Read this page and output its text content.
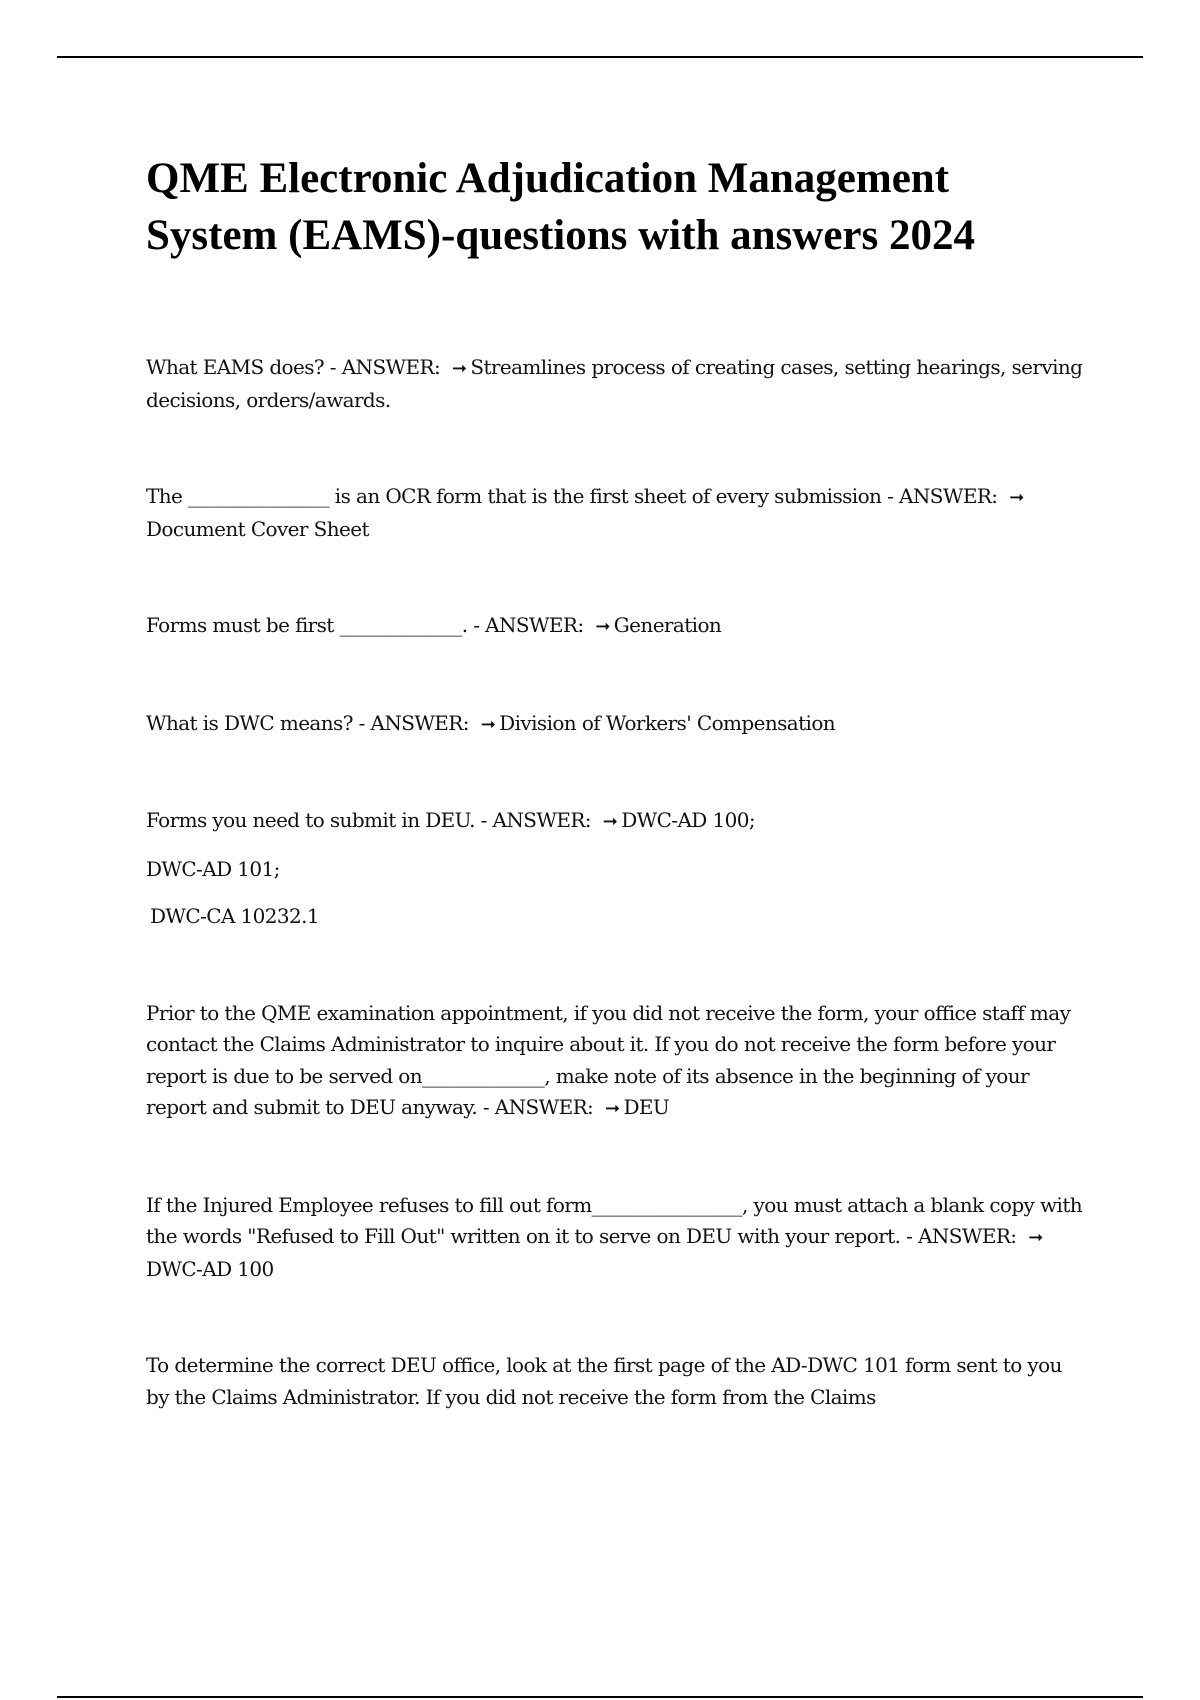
QME Electronic Adjudication Management System (EAMS)-questions with answers 2024

What EAMS does? - ANSWER: ➞ Streamlines process of creating cases, setting hearings, serving decisions, orders/awards.

The _______________ is an OCR form that is the first sheet of every submission - ANSWER: ➞Document Cover Sheet

Forms must be first _____________. - ANSWER: ➞ Generation

What is DWC means? - ANSWER: ➞ Division of Workers' Compensation

Forms you need to submit in DEU. - ANSWER: ➞ DWC-AD 100;

DWC-AD 101;

DWC-CA 10232.1

Prior to the QME examination appointment, if you did not receive the form, your office staff may contact the Claims Administrator to inquire about it. If you do not receive the form before your report is due to be served on_____________, make note of its absence in the beginning of your report and submit to DEU anyway. - ANSWER: ➞ DEU

If the Injured Employee refuses to fill out form________________, you must attach a blank copy with the words "Refused to Fill Out" written on it to serve on DEU with your report. - ANSWER: ➞DWC-AD 100

To determine the correct DEU office, look at the first page of the AD-DWC 101 form sent to you by the Claims Administrator. If you did not receive the form from the Claims
